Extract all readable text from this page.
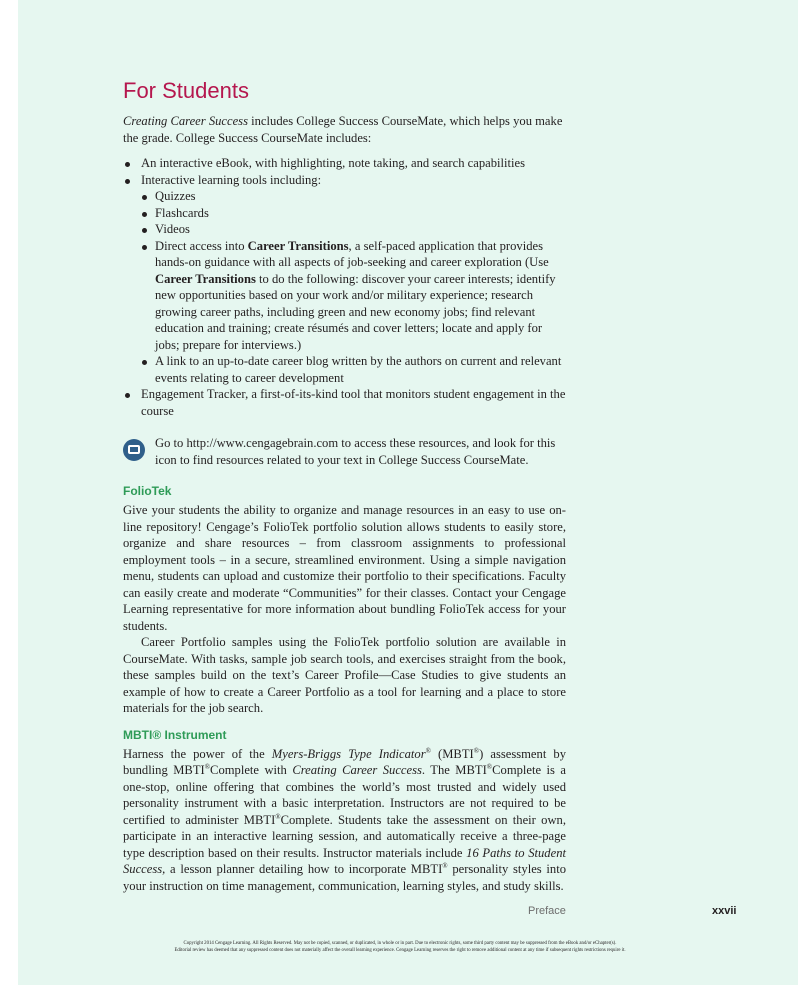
For Students

Creating Career Success includes College Success CourseMate, which helps you make the grade. College Success CourseMate includes:

An interactive eBook, with highlighting, note taking, and search capabilities
Interactive learning tools including:
Quizzes
Flashcards
Videos
Direct access into Career Transitions, a self-paced application that provides hands-on guidance with all aspects of job-seeking and career exploration (Use Career Transitions to do the following: discover your career interests; identify new opportunities based on your work and/or military experience; research growing career paths, including green and new economy jobs; find relevant education and training; create résumés and cover letters; locate and apply for jobs; prepare for interviews.)
A link to an up-to-date career blog written by the authors on current and relevant events relating to career development
Engagement Tracker, a first-of-its-kind tool that monitors student engagement in the course

Go to http://www.cengagebrain.com to access these resources, and look for this icon to find resources related to your text in College Success CourseMate.

FolioTek

Give your students the ability to organize and manage resources in an easy to use on-line repository! Cengage’s FolioTek portfolio solution allows students to easily store, organize and share resources – from classroom assignments to professional employment tools – in a secure, streamlined environment. Using a simple navigation menu, students can upload and customize their portfolio to their specifications. Faculty can easily create and moderate “Communities” for their classes. Contact your Cengage Learning representative for more information about bundling FolioTek access for your students.

Career Portfolio samples using the FolioTek portfolio solution are available in CourseMate. With tasks, sample job search tools, and exercises straight from the book, these samples build on the text’s Career Profile—Case Studies to give students an example of how to create a Career Portfolio as a tool for learning and a place to store materials for the job search.

MBTI® Instrument

Harness the power of the Myers-Briggs Type Indicator® (MBTI®) assessment by bundling MBTI®Complete with Creating Career Success. The MBTI®Complete is a one-stop, online offering that combines the world’s most trusted and widely used personality instrument with a basic interpretation. Instructors are not required to be certified to administer MBTI®Complete. Students take the assessment on their own, participate in an interactive learning session, and automatically receive a three-page type description based on their results. Instructor materials include 16 Paths to Student Success, a lesson planner detailing how to incorporate MBTI® personality styles into your instruction on time management, communication, learning styles, and study skills.

Preface	xxvii
Copyright 2014 Cengage Learning. All Rights Reserved. May not be copied, scanned, or duplicated, in whole or in part. Due to electronic rights, some third party content may be suppressed from the eBook and/or eChapter(s).
Editorial review has deemed that any suppressed content does not materially affect the overall learning experience. Cengage Learning reserves the right to remove additional content at any time if subsequent rights restrictions require it.
